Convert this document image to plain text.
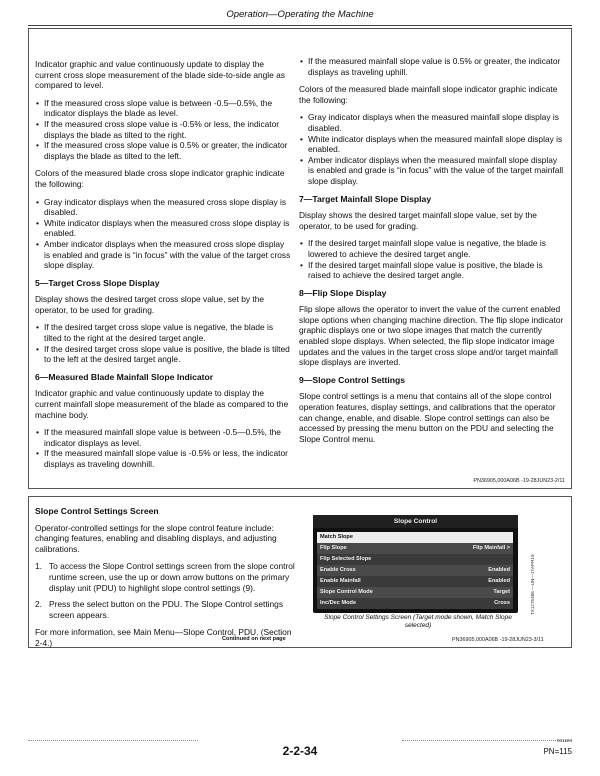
Operation—Operating the Machine

Indicator graphic and value continuously update to display the current cross slope measurement of the blade side-to-side angle as compared to level.

• If the measured cross slope value is between -0.5—0.5%, the indicator displays the blade as level.
• If the measured cross slope value is -0.5% or less, the indicator displays the blade as tilted to the right.
• If the measured cross slope value is 0.5% or greater, the indicator displays the blade as tilted to the left.

Colors of the measured blade cross slope indicator graphic indicate the following:

• Gray indicator displays when the measured cross slope display is disabled.
• White indicator displays when the measured cross slope display is enabled.
• Amber indicator displays when the measured cross slope display is enabled and grade is “in focus” with the value of the target cross slope display.
5—Target Cross Slope Display

Display shows the desired target cross slope value, set by the operator, to be used for grading.

• If the desired target cross slope value is negative, the blade is tilted to the right at the desired target angle.
• If the desired target cross slope value is positive, the blade is tilted to the left at the desired target angle.
6—Measured Blade Mainfall Slope Indicator

Indicator graphic and value continuously update to display the current mainfall slope measurement of the blade as compared to the machine body.

• If the measured mainfall slope value is between -0.5—0.5%, the indicator displays as level.
• If the measured mainfall slope value is -0.5% or less, the indicator displays as traveling downhill.
• If the measured mainfall slope value is 0.5% or greater, the indicator displays as traveling uphill.

Colors of the measured blade mainfall slope indicator graphic indicate the following:

• Gray indicator displays when the measured mainfall slope display is disabled.
• White indicator displays when the measured mainfall slope display is enabled.
• Amber indicator displays when the measured mainfall slope display is enabled and grade is “in focus” with the value of the target mainfall slope display.
7—Target Mainfall Slope Display

Display shows the desired target mainfall slope value, set by the operator, to be used for grading.

• If the desired target mainfall slope value is negative, the blade is lowered to achieve the desired target angle.
• If the desired target mainfall slope value is positive, the blade is raised to achieve the desired target angle.
8—Flip Slope Display

Flip slope allows the operator to invert the value of the current enabled slope options when changing machine direction. The flip slope indicator graphic displays one or two slope images that match the currently enabled slope displays. When selected, the flip slope indicator image updates and the values in the target cross slope and/or target mainfall slope displays are inverted.

9—Slope Control Settings

Slope control settings is a menu that contains all of the slope control operation features, display settings, and calibrations that the operator can change, enable, and disable. Slope control settings can also be accessed by pressing the menu button on the PDU and selecting the Slope Control menu.

PN36905,000A06B -19-28JUN23-2/11
Slope Control Settings Screen

Operator-controlled settings for the slope control feature include: changing features, enabling and disabling displays, and adjusting calibrations.

1. To access the Slope Control settings screen from the slope control runtime screen, use the up or down arrow buttons on the primary display unit (PDU) to highlight slope control settings (9).
2. Press the select button on the PDU. The Slope Control settings screen appears.

For more information, see Main Menu—Slope Control, PDU. (Section 2-4.)

Slope Control
Match Slope
Flip Slope	Flip Mainfall >
Flip Selected Slope
Enable Cross	Enabled
Enable Mainfall	Enabled
Slope Control Mode	Target
Inc/Dec Mode	Cross	TX1275486 —UN—17APR19
Slope Control Settings Screen (Target mode shown, Match Slope selected)
Continued on next page	PN36905,000A06B -19-28JUN23-3/11
2-2-34
031224
PN=115
